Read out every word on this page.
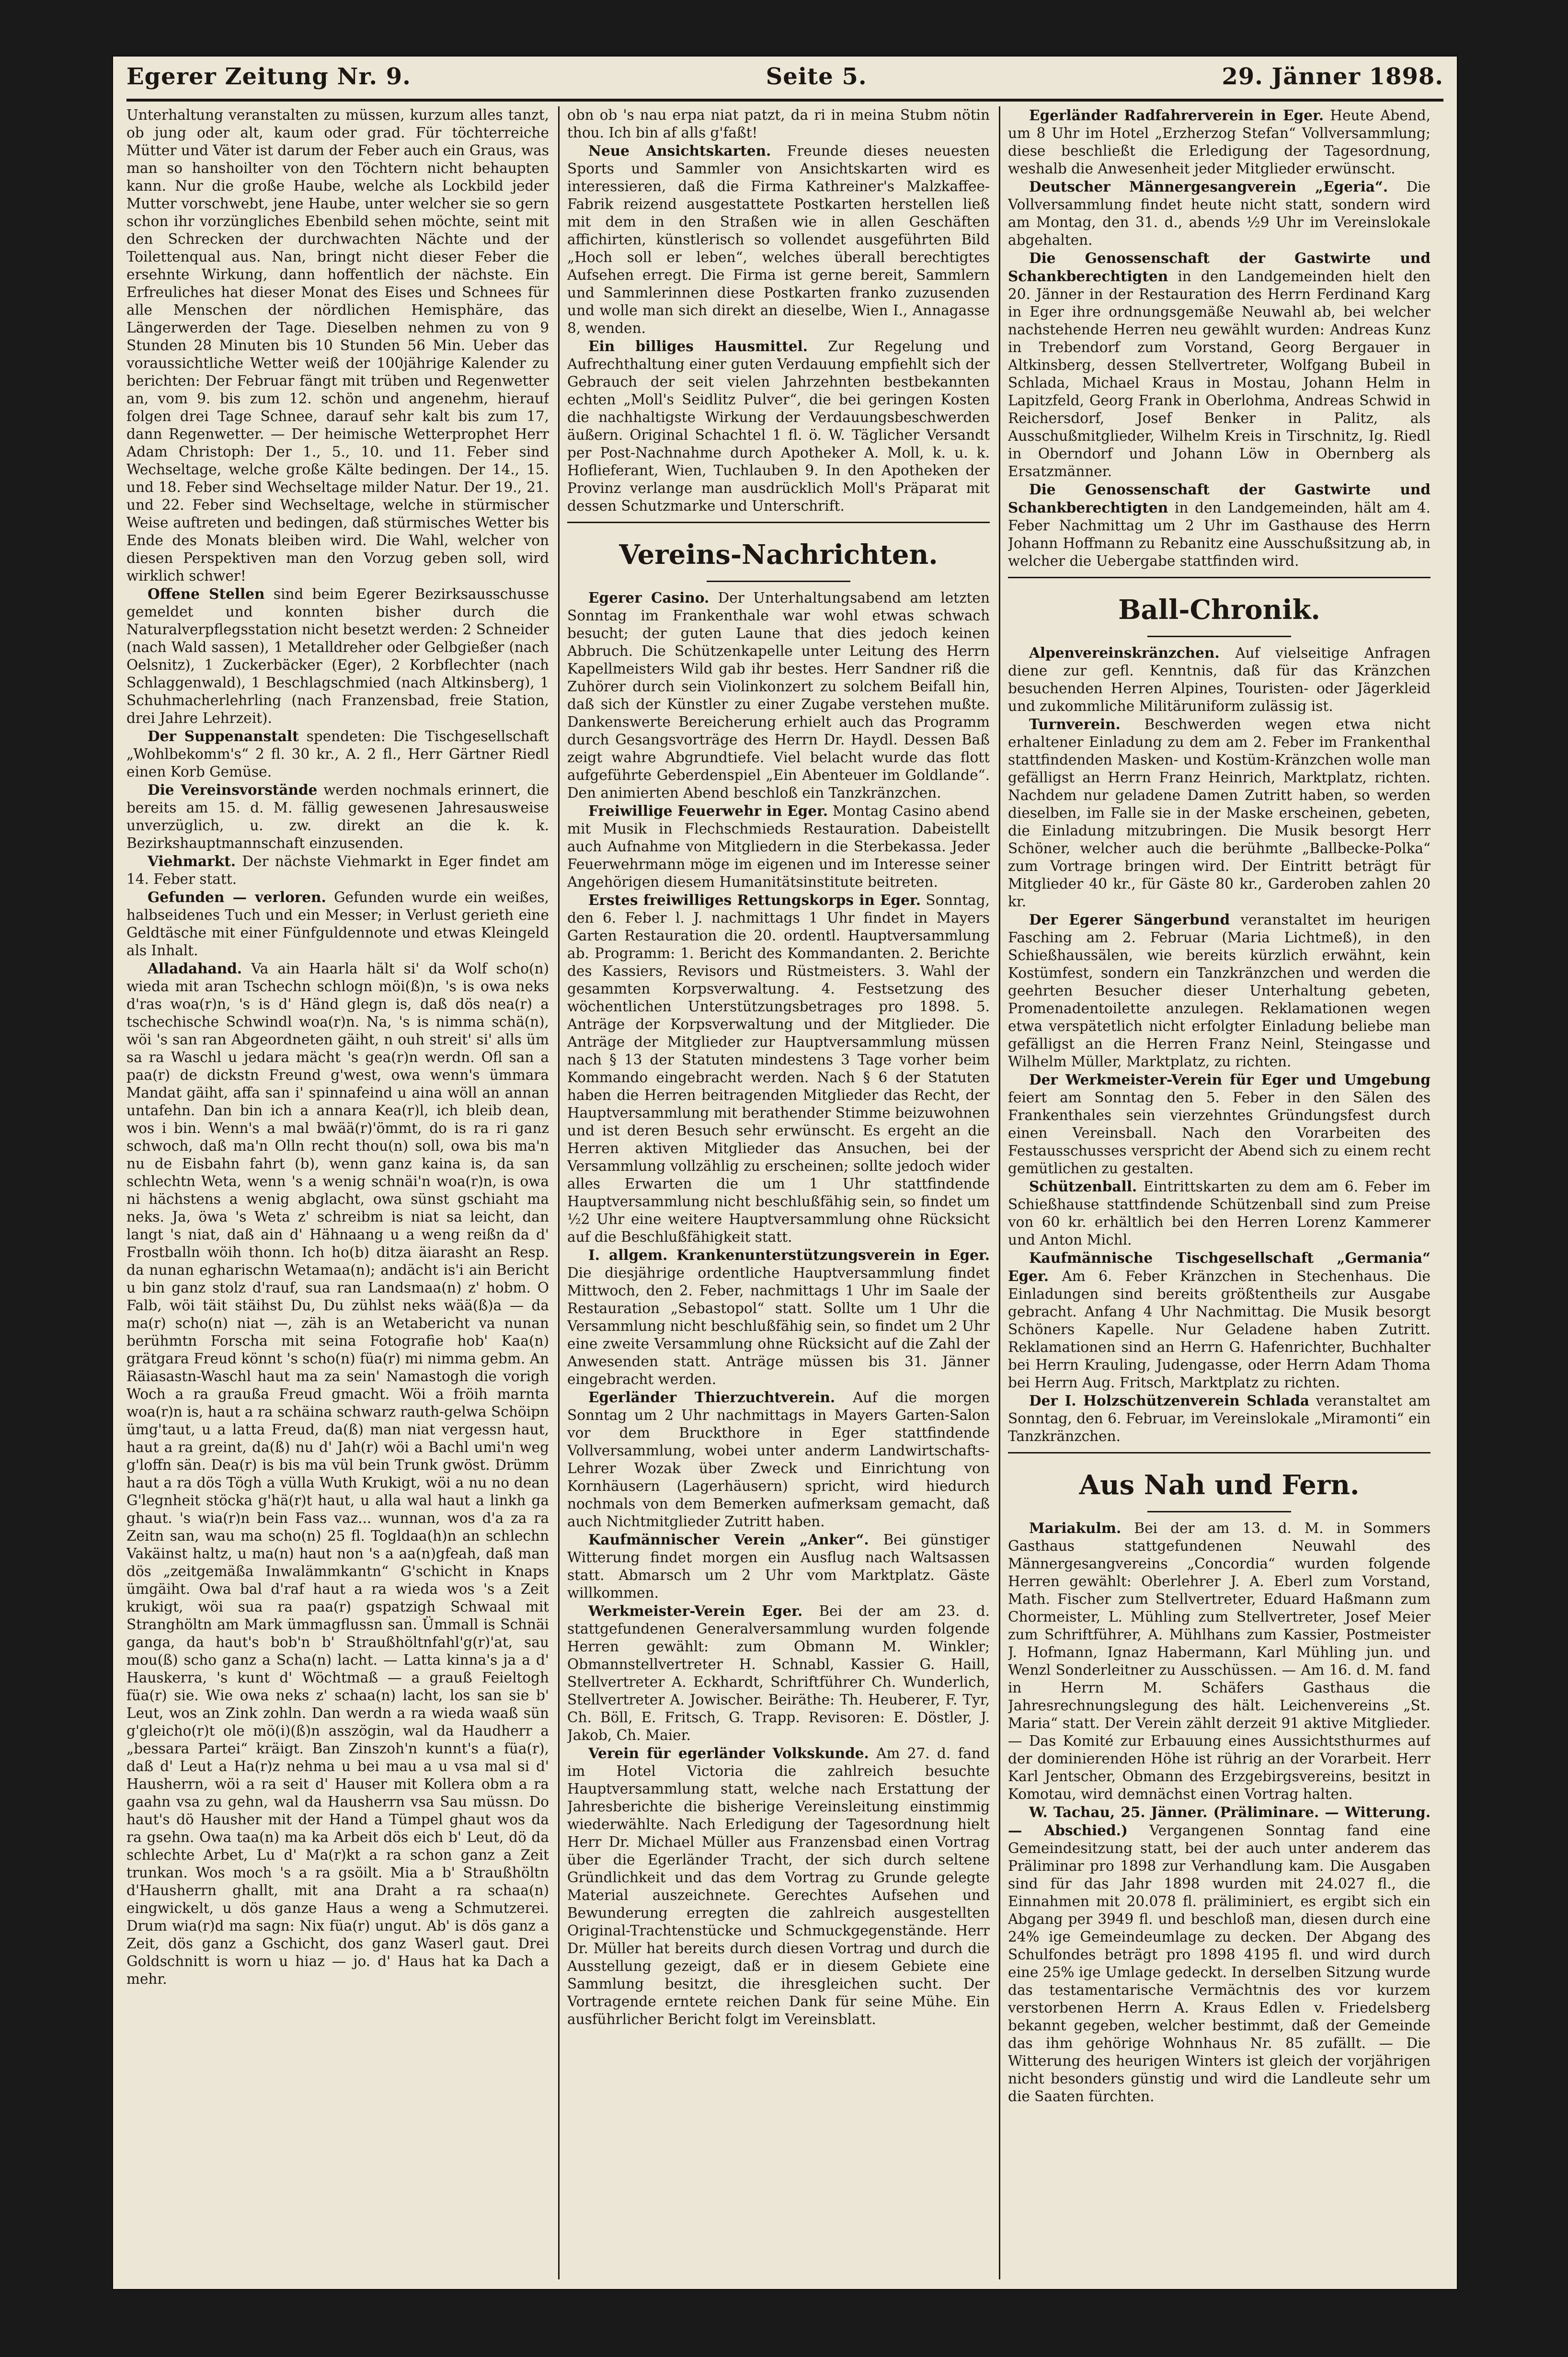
Egerer Zeitung Nr. 9.	Seite 5.	29. Jänner 1898.

Unterhaltung veranstalten zu müssen, kurzum alles tanzt, ob jung oder alt, kaum oder grad. Für töchterreiche Mütter und Väter ist darum der Feber auch ein Graus, was man so hanshoilter von den Töchtern nicht behaupten kann. Nur die große Haube, welche als Lockbild jeder Mutter vorschwebt, jene Haube, unter welcher sie so gern schon ihr vorzüngliches Ebenbild sehen möchte, seint mit den Schrecken der durchwachten Nächte und der Toilettenqual aus. Nan, bringt nicht dieser Feber die ersehnte Wirkung, dann hoffentlich der nächste. Ein Erfreuliches hat dieser Monat des Eises und Schnees für alle Menschen der nördlichen Hemisphäre, das Längerwerden der Tage. Dieselben nehmen zu von 9 Stunden 28 Minuten bis 10 Stunden 56 Min. Ueber das voraussichtliche Wetter weiß der 100jährige Kalender zu berichten: Der Februar fängt mit trüben und Regenwetter an, vom 9. bis zum 12. schön und angenehm, hierauf folgen drei Tage Schnee, darauf sehr kalt bis zum 17, dann Regenwetter. — Der heimische Wetterprophet Herr Adam Christoph: Der 1., 5., 10. und 11. Feber sind Wechseltage, welche große Kälte bedingen. Der 14., 15. und 18. Feber sind Wechseltage milder Natur. Der 19., 21. und 22. Feber sind Wechseltage, welche in stürmischer Weise auftreten und bedingen, daß stürmisches Wetter bis Ende des Monats bleiben wird. Die Wahl, welcher von diesen Perspektiven man den Vorzug geben soll, wird wirklich schwer!

Offene Stellen sind beim Egerer Bezirksausschusse gemeldet und konnten bisher durch die Naturalverpflegsstation nicht besetzt werden: 2 Schneider (nach Wald sassen), 1 Metalldreher oder Gelbgießer (nach Oelsnitz), 1 Zuckerbäcker (Eger), 2 Korbflechter (nach Schlaggenwald), 1 Beschlagschmied (nach Altkinsberg), 1 Schuhmacherlehrling (nach Franzensbad, freie Station, drei Jahre Lehrzeit).

Der Suppenanstalt spendeten: Die Tischgesellschaft „Wohlbekomm's“ 2 fl. 30 kr., A. 2 fl., Herr Gärtner Riedl einen Korb Gemüse.

Die Vereinsvorstände werden nochmals erinnert, die bereits am 15. d. M. fällig gewesenen Jahresausweise unverzüglich, u. zw. direkt an die k. k. Bezirkshauptmannschaft einzusenden.

Viehmarkt. Der nächste Viehmarkt in Eger findet am 14. Feber statt.

Gefunden — verloren. Gefunden wurde ein weißes, halbseidenes Tuch und ein Messer; in Verlust gerieth eine Geldtäsche mit einer Fünfguldennote und etwas Kleingeld als Inhalt.

Alladahand. Va ain Haarla hält si' da Wolf scho(n) wieda mit aran Tschechn schlogn möi(ß)n, 's is owa neks d'ras woa(r)n, 's is d' Händ glegn is, daß dös nea(r) a tschechische Schwindl woa(r)n. Na, 's is nimma schä(n), wöi 's san ran Abgeordneten gäiht, n ouh streit' si' alls üm sa ra Waschl u jedara mächt 's gea(r)n werdn. Ofl san a paa(r) de dickstn Freund g'west, owa wenn's ümmara Mandat gäiht, affa san i' spinnafeind u aina wöll an annan untafehn. Dan bin ich a annara Kea(r)l, ich bleib dean, wos i bin. Wenn's a mal bwää(r)'ömmt, do is ra ri ganz schwoch, daß ma'n Olln recht thou(n) soll, owa bis ma'n nu de Eisbahn fahrt (b), wenn ganz kaina is, da san schlechtn Weta, wenn 's a wenig schnäi'n woa(r)n, is owa ni hächstens a wenig abglacht, owa sünst gschiaht ma neks. Ja, öwa 's Weta z' schreibm is niat sa leicht, dan langt 's niat, daß ain d' Hähnaang u a weng reißn da d' Frostballn wöih thonn. Ich ho(b) ditza äiarasht an Resp. da nunan egharischn Wetamaa(n); andächt is'i ain Bericht u bin ganz stolz d'rauf, sua ran Landsmaa(n) z' hobm. O Falb, wöi täit stäihst Du, Du zühlst neks wää(ß)a — da ma(r) scho(n) niat —, zäh is an Wetabericht va nunan berühmtn Forscha mit seina Fotografie hob' Kaa(n) grätgara Freud könnt 's scho(n) füa(r) mi nimma gebm. An Räiasastn-Waschl haut ma za sein' Namastogh die vorigh Woch a ra graußa Freud gmacht. Wöi a fröih marnta woa(r)n is, haut a ra schäina schwarz rauth-gelwa Schöipn ümg'taut, u a latta Freud, da(ß) man niat vergessn haut, haut a ra greint, da(ß) nu d' Jah(r) wöi a Bachl umi'n weg g'loffn sän. Dea(r) is bis ma vül bein Trunk gwöst. Drümm haut a ra dös Tögh a vülla Wuth Krukigt, wöi a nu no dean G'legnheit stöcka g'hä(r)t haut, u alla wal haut a linkh ga ghaut. 's wia(r)n bein Fass vaz... wunnan, wos d'a za ra Zeitn san, wau ma scho(n) 25 fl. Togldaa(h)n an schlechn Vakäinst haltz, u ma(n) haut non 's a aa(n)gfeah, daß man dös „zeitgemäßa Inwalämmkantn“ G'schicht in Knaps ümgäiht. Owa bal d'raf haut a ra wieda wos 's a Zeit krukigt, wöi sua ra paa(r) gspatzigh Schwaal mit Stranghöltn am Mark ümmagflussn san. Ümmall is Schnäi ganga, da haut's bob'n b' Straußhöltnfahl'g(r)'at, sau mou(ß) scho ganz a Scha(n) lacht. — Latta kinna's ja a d' Hauskerra, 's kunt d' Wöchtmaß — a grauß Feieltogh füa(r) sie. Wie owa neks z' schaa(n) lacht, los san sie b' Leut, wos an Zink zohln. Dan werdn a ra wieda waaß sün g'gleicho(r)t ole mö(i)(ß)n asszögin, wal da Haudherr a „bessara Partei“ kräigt. Ban Zinszoh'n kunnt's a füa(r), daß d' Leut a Ha(r)z nehma u bei mau a u vsa mal si d' Hausherrn, wöi a ra seit d' Hauser mit Kollera obm a ra gaahn vsa zu gehn, wal da Hausherrn vsa Sau müssn. Do haut's dö Hausher mit der Hand a Tümpel ghaut wos da ra gsehn. Owa taa(n) ma ka Arbeit dös eich b' Leut, dö da schlechte Arbet, Lu d' Ma(r)kt a ra schon ganz a Zeit trunkan. Wos moch 's a ra gsöilt. Mia a b' Straußhöltn d'Hausherrn ghallt, mit ana Draht a ra schaa(n) eingwickelt, u dös ganze Haus a weng a Schmutzerei. Drum wia(r)d ma sagn: Nix füa(r) ungut. Ab' is dös ganz a Zeit, dös ganz a Gschicht, dos ganz Waserl gaut. Drei Goldschnitt is worn u hiaz — jo. d' Haus hat ka Dach a mehr.

obn ob 's nau erpa niat patzt, da ri in meina Stubm nötin thou. Ich bin af alls g'faßt!

Neue Ansichtskarten. Freunde dieses neuesten Sports und Sammler von Ansichtskarten wird es interessieren, daß die Firma Kathreiner's Malzkaffee-Fabrik reizend ausgestattete Postkarten herstellen ließ mit dem in den Straßen wie in allen Geschäften affichirten, künstlerisch so vollendet ausgeführten Bild „Hoch soll er leben“, welches überall berechtigtes Aufsehen erregt. Die Firma ist gerne bereit, Sammlern und Sammlerinnen diese Postkarten franko zuzusenden und wolle man sich direkt an dieselbe, Wien I., Annagasse 8, wenden.

Ein billiges Hausmittel. Zur Regelung und Aufrechthaltung einer guten Verdauung empfiehlt sich der Gebrauch der seit vielen Jahrzehnten bestbekannten echten „Moll's Seidlitz Pulver“, die bei geringen Kosten die nachhaltigste Wirkung der Verdauungsbeschwerden äußern. Original Schachtel 1 fl. ö. W. Täglicher Versandt per Post-Nachnahme durch Apotheker A. Moll, k. u. k. Hoflieferant, Wien, Tuchlauben 9. In den Apotheken der Provinz verlange man ausdrücklich Moll's Präparat mit dessen Schutzmarke und Unterschrift.

Vereins-Nachrichten.

Egerer Casino. Der Unterhaltungsabend am letzten Sonntag im Frankenthale war wohl etwas schwach besucht; der guten Laune that dies jedoch keinen Abbruch. Die Schützenkapelle unter Leitung des Herrn Kapellmeisters Wild gab ihr bestes. Herr Sandner riß die Zuhörer durch sein Violinkonzert zu solchem Beifall hin, daß sich der Künstler zu einer Zugabe verstehen mußte. Dankenswerte Bereicherung erhielt auch das Programm durch Gesangsvorträge des Herrn Dr. Haydl. Dessen Baß zeigt wahre Abgrundtiefe. Viel belacht wurde das flott aufgeführte Geberdenspiel „Ein Abenteuer im Goldlande“. Den animierten Abend beschloß ein Tanzkränzchen.

Freiwillige Feuerwehr in Eger. Montag Casino abend mit Musik in Flechschmieds Restauration. Dabeistellt auch Aufnahme von Mitgliedern in die Sterbekassa. Jeder Feuerwehrmann möge im eigenen und im Interesse seiner Angehörigen diesem Humanitätsinstitute beitreten.

Erstes freiwilliges Rettungskorps in Eger. Sonntag, den 6. Feber l. J. nachmittags 1 Uhr findet in Mayers Garten Restauration die 20. ordentl. Hauptversammlung ab. Programm: 1. Bericht des Kommandanten. 2. Berichte des Kassiers, Revisors und Rüstmeisters. 3. Wahl der gesammten Korpsverwaltung. 4. Festsetzung des wöchentlichen Unterstützungsbetrages pro 1898. 5. Anträge der Korpsverwaltung und der Mitglieder. Die Anträge der Mitglieder zur Hauptversammlung müssen nach § 13 der Statuten mindestens 3 Tage vorher beim Kommando eingebracht werden. Nach § 6 der Statuten haben die Herren beitragenden Mitglieder das Recht, der Hauptversammlung mit berathender Stimme beizuwohnen und ist deren Besuch sehr erwünscht. Es ergeht an die Herren aktiven Mitglieder das Ansuchen, bei der Versammlung vollzählig zu erscheinen; sollte jedoch wider alles Erwarten die um 1 Uhr stattfindende Hauptversammlung nicht beschlußfähig sein, so findet um ½2 Uhr eine weitere Hauptversammlung ohne Rücksicht auf die Beschlußfähigkeit statt.

I. allgem. Krankenunterstützungsverein in Eger. Die diesjährige ordentliche Hauptversammlung findet Mittwoch, den 2. Feber, nachmittags 1 Uhr im Saale der Restauration „Sebastopol“ statt. Sollte um 1 Uhr die Versammlung nicht beschlußfähig sein, so findet um 2 Uhr eine zweite Versammlung ohne Rücksicht auf die Zahl der Anwesenden statt. Anträge müssen bis 31. Jänner eingebracht werden.

Egerländer Thierzuchtverein. Auf die morgen Sonntag um 2 Uhr nachmittags in Mayers Garten-Salon vor dem Bruckthore in Eger stattfindende Vollversammlung, wobei unter anderm Landwirtschafts-Lehrer Wozak über Zweck und Einrichtung von Kornhäusern (Lagerhäusern) spricht, wird hiedurch nochmals von dem Bemerken aufmerksam gemacht, daß auch Nichtmitglieder Zutritt haben.

Kaufmännischer Verein „Anker“. Bei günstiger Witterung findet morgen ein Ausflug nach Waltsassen statt. Abmarsch um 2 Uhr vom Marktplatz. Gäste willkommen.

Werkmeister-Verein Eger. Bei der am 23. d. stattgefundenen Generalversammlung wurden folgende Herren gewählt: zum Obmann M. Winkler; Obmannstellvertreter H. Schnabl, Kassier G. Haill, Stellvertreter A. Eckhardt, Schriftführer Ch. Wunderlich, Stellvertreter A. Jowischer. Beiräthe: Th. Heuberer, F. Tyr, Ch. Böll, E. Fritsch, G. Trapp. Revisoren: E. Döstler, J. Jakob, Ch. Maier.

Verein für egerländer Volkskunde. Am 27. d. fand im Hotel Victoria die zahlreich besuchte Hauptversammlung statt, welche nach Erstattung der Jahresberichte die bisherige Vereinsleitung einstimmig wiederwählte. Nach Erledigung der Tagesordnung hielt Herr Dr. Michael Müller aus Franzensbad einen Vortrag über die Egerländer Tracht, der sich durch seltene Gründlichkeit und das dem Vortrag zu Grunde gelegte Material auszeichnete. Gerechtes Aufsehen und Bewunderung erregten die zahlreich ausgestellten Original-Trachtenstücke und Schmuckgegenstände. Herr Dr. Müller hat bereits durch diesen Vortrag und durch die Ausstellung gezeigt, daß er in diesem Gebiete eine Sammlung besitzt, die ihresgleichen sucht. Der Vortragende erntete reichen Dank für seine Mühe. Ein ausführlicher Bericht folgt im Vereinsblatt.

Egerländer Radfahrerverein in Eger. Heute Abend, um 8 Uhr im Hotel „Erzherzog Stefan“ Vollversammlung; diese beschließt die Erledigung der Tagesordnung, weshalb die Anwesenheit jeder Mitglieder erwünscht.

Deutscher Männergesangverein „Egeria“. Die Vollversammlung findet heute nicht statt, sondern wird am Montag, den 31. d., abends ½9 Uhr im Vereinslokale abgehalten.

Die Genossenschaft der Gastwirte und Schankberechtigten in den Landgemeinden hielt den 20. Jänner in der Restauration des Herrn Ferdinand Karg in Eger ihre ordnungsgemäße Neuwahl ab, bei welcher nachstehende Herren neu gewählt wurden: Andreas Kunz in Trebendorf zum Vorstand, Georg Bergauer in Altkinsberg, dessen Stellvertreter, Wolfgang Bubeil in Schlada, Michael Kraus in Mostau, Johann Helm in Lapitzfeld, Georg Frank in Oberlohma, Andreas Schwid in Reichersdorf, Josef Benker in Palitz, als Ausschußmitglieder, Wilhelm Kreis in Tirschnitz, Ig. Riedl in Oberndorf und Johann Löw in Obernberg als Ersatzmänner.

Die Genossenschaft der Gastwirte und Schankberechtigten in den Landgemeinden, hält am 4. Feber Nachmittag um 2 Uhr im Gasthause des Herrn Johann Hoffmann zu Rebanitz eine Ausschußsitzung ab, in welcher die Uebergabe stattfinden wird.

Ball-Chronik.

Alpenvereinskränzchen. Auf vielseitige Anfragen diene zur gefl. Kenntnis, daß für das Kränzchen besuchenden Herren Alpines, Touristen- oder Jägerkleid und zukommliche Militäruniform zulässig ist.

Turnverein. Beschwerden wegen etwa nicht erhaltener Einladung zu dem am 2. Feber im Frankenthal stattfindenden Masken- und Kostüm-Kränzchen wolle man gefälligst an Herrn Franz Heinrich, Marktplatz, richten. Nachdem nur geladene Damen Zutritt haben, so werden dieselben, im Falle sie in der Maske erscheinen, gebeten, die Einladung mitzubringen. Die Musik besorgt Herr Schöner, welcher auch die berühmte „Ballbecke-Polka“ zum Vortrage bringen wird. Der Eintritt beträgt für Mitglieder 40 kr., für Gäste 80 kr., Garderoben zahlen 20 kr.

Der Egerer Sängerbund veranstaltet im heurigen Fasching am 2. Februar (Maria Lichtmeß), in den Schießhaussälen, wie bereits kürzlich erwähnt, kein Kostümfest, sondern ein Tanzkränzchen und werden die geehrten Besucher dieser Unterhaltung gebeten, Promenadentoilette anzulegen. Reklamationen wegen etwa verspätetlich nicht erfolgter Einladung beliebe man gefälligst an die Herren Franz Neinl, Steingasse und Wilhelm Müller, Marktplatz, zu richten.

Der Werkmeister-Verein für Eger und Umgebung feiert am Sonntag den 5. Feber in den Sälen des Frankenthales sein vierzehntes Gründungsfest durch einen Vereinsball. Nach den Vorarbeiten des Festausschusses verspricht der Abend sich zu einem recht gemütlichen zu gestalten.

Schützenball. Eintrittskarten zu dem am 6. Feber im Schießhause stattfindende Schützenball sind zum Preise von 60 kr. erhältlich bei den Herren Lorenz Kammerer und Anton Michl.

Kaufmännische Tischgesellschaft „Germania“ Eger. Am 6. Feber Kränzchen in Stechenhaus. Die Einladungen sind bereits größtentheils zur Ausgabe gebracht. Anfang 4 Uhr Nachmittag. Die Musik besorgt Schöners Kapelle. Nur Geladene haben Zutritt. Reklamationen sind an Herrn G. Hafenrichter, Buchhalter bei Herrn Krauling, Judengasse, oder Herrn Adam Thoma bei Herrn Aug. Fritsch, Marktplatz zu richten.

Der I. Holzschützenverein Schlada veranstaltet am Sonntag, den 6. Februar, im Vereinslokale „Miramonti“ ein Tanzkränzchen.

Aus Nah und Fern.

Mariakulm. Bei der am 13. d. M. in Sommers Gasthaus stattgefundenen Neuwahl des Männergesangvereins „Concordia“ wurden folgende Herren gewählt: Oberlehrer J. A. Eberl zum Vorstand, Math. Fischer zum Stellvertreter, Eduard Haßmann zum Chormeister, L. Mühling zum Stellvertreter, Josef Meier zum Schriftführer, A. Mühlhans zum Kassier, Postmeister J. Hofmann, Ignaz Habermann, Karl Mühling jun. und Wenzl Sonderleitner zu Ausschüssen. — Am 16. d. M. fand in Herrn M. Schäfers Gasthaus die Jahresrechnungslegung des hält. Leichenvereins „St. Maria“ statt. Der Verein zählt derzeit 91 aktive Mitglieder. — Das Komité zur Erbauung eines Aussichtsthurmes auf der dominierenden Höhe ist rührig an der Vorarbeit. Herr Karl Jentscher, Obmann des Erzgebirgsvereins, besitzt in Komotau, wird demnächst einen Vortrag halten.

W. Tachau, 25. Jänner. (Präliminare. — Witterung. — Abschied.) Vergangenen Sonntag fand eine Gemeindesitzung statt, bei der auch unter anderem das Präliminar pro 1898 zur Verhandlung kam. Die Ausgaben sind für das Jahr 1898 wurden mit 24.027 fl., die Einnahmen mit 20.078 fl. präliminiert, es ergibt sich ein Abgang per 3949 fl. und beschloß man, diesen durch eine 24% ige Gemeindeumlage zu decken. Der Abgang des Schulfondes beträgt pro 1898 4195 fl. und wird durch eine 25% ige Umlage gedeckt. In derselben Sitzung wurde das testamentarische Vermächtnis des vor kurzem verstorbenen Herrn A. Kraus Edlen v. Friedelsberg bekannt gegeben, welcher bestimmt, daß der Gemeinde das ihm gehörige Wohnhaus Nr. 85 zufällt. — Die Witterung des heurigen Winters ist gleich der vorjährigen nicht besonders günstig und wird die Landleute sehr um die Saaten fürchten.
